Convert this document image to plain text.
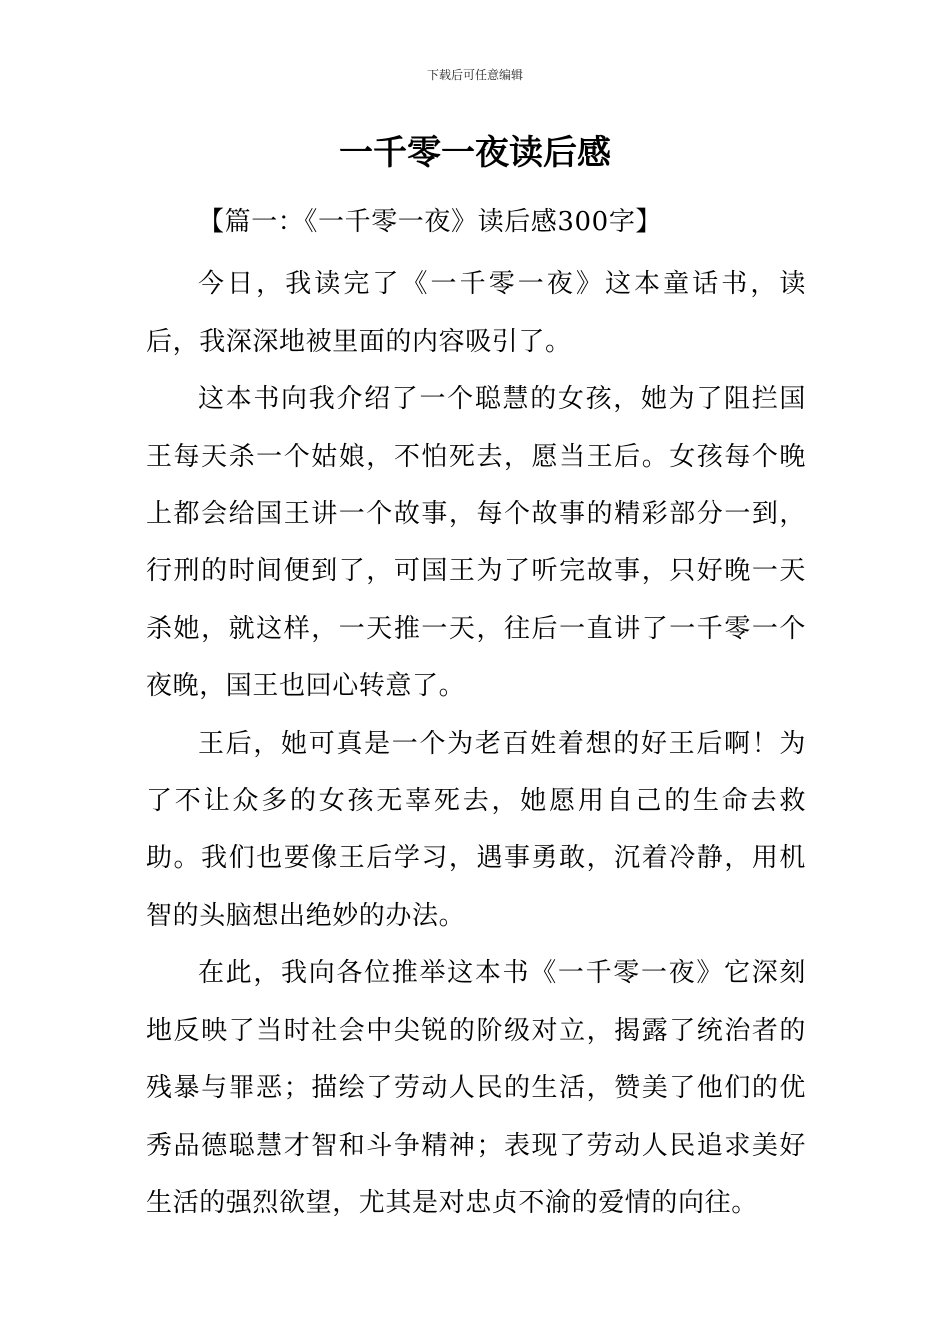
下载后可任意编辑
一千零一夜读后感

【篇一：《一千零一夜》读后感300字】

今日，我读完了《一千零一夜》这本童话书，读后，我深深地被里面的内容吸引了。

这本书向我介绍了一个聪慧的女孩，她为了阻拦国王每天杀一个姑娘，不怕死去，愿当王后。女孩每个晚上都会给国王讲一个故事，每个故事的精彩部分一到，行刑的时间便到了，可国王为了听完故事，只好晚一天杀她，就这样，一天推一天，往后一直讲了一千零一个夜晚，国王也回心转意了。

王后，她可真是一个为老百姓着想的好王后啊！为了不让众多的女孩无辜死去，她愿用自己的生命去救助。我们也要像王后学习，遇事勇敢，沉着冷静，用机智的头脑想出绝妙的办法。

在此，我向各位推举这本书《一千零一夜》它深刻地反映了当时社会中尖锐的阶级对立，揭露了统治者的残暴与罪恶；描绘了劳动人民的生活，赞美了他们的优秀品德聪慧才智和斗争精神；表现了劳动人民追求美好生活的强烈欲望，尤其是对忠贞不渝的爱情的向往。
